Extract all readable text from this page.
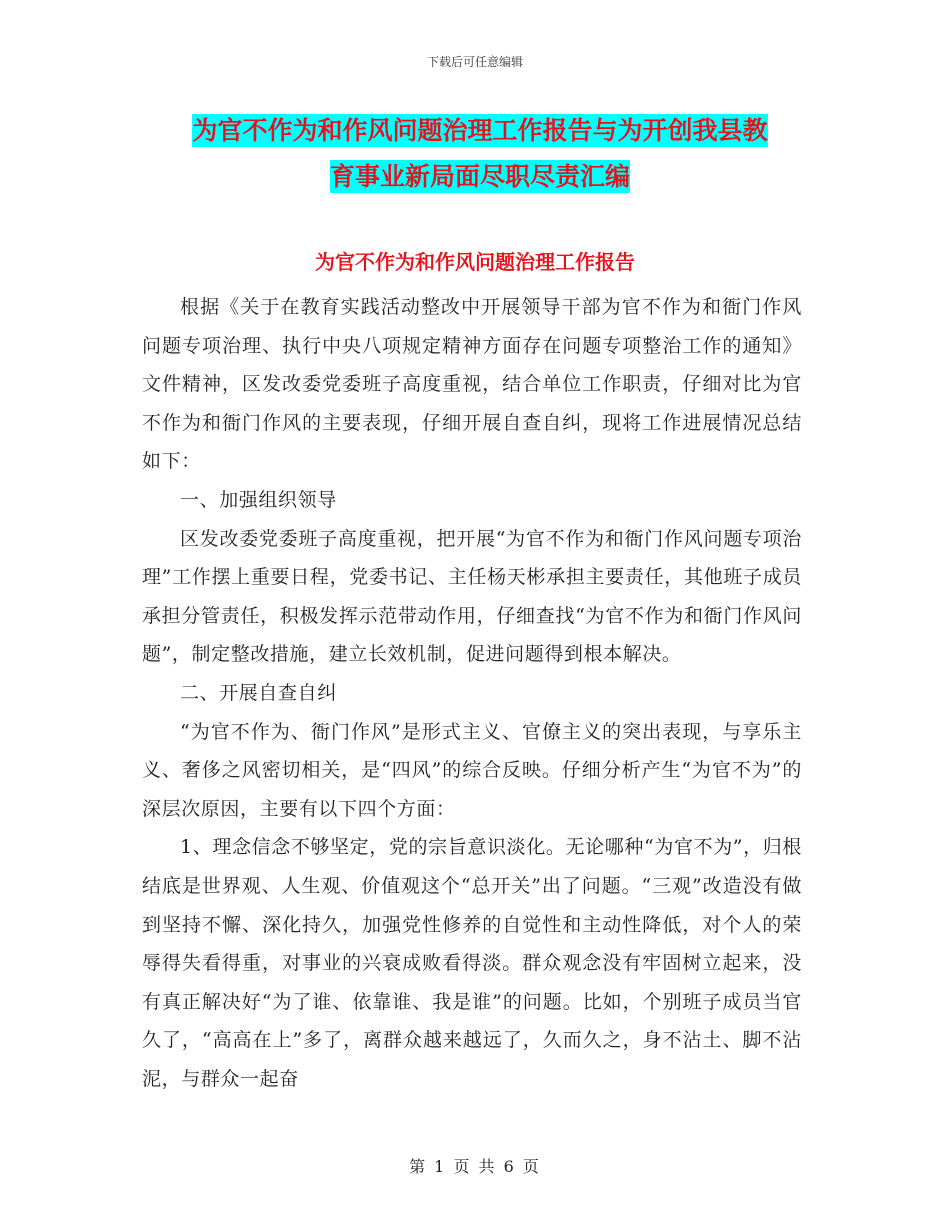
下载后可任意编辑
为官不作为和作风问题治理工作报告与为开创我县教
育事业新局面尽职尽责汇编
为官不作为和作风问题治理工作报告

根据《关于在教育实践活动整改中开展领导干部为官不作为和衙门作风问题专项治理、执行中央八项规定精神方面存在问题专项整治工作的通知》文件精神，区发改委党委班子高度重视，结合单位工作职责，仔细对比为官不作为和衙门作风的主要表现，仔细开展自查自纠，现将工作进展情况总结如下：

一、加强组织领导

区发改委党委班子高度重视，把开展“为官不作为和衙门作风问题专项治理”工作摆上重要日程，党委书记、主任杨天彬承担主要责任，其他班子成员承担分管责任，积极发挥示范带动作用，仔细查找“为官不作为和衙门作风问题”，制定整改措施，建立长效机制，促进问题得到根本解决。

二、开展自查自纠

“为官不作为、衙门作风”是形式主义、官僚主义的突出表现，与享乐主义、奢侈之风密切相关，是“四风”的综合反映。仔细分析产生“为官不为”的深层次原因，主要有以下四个方面：

1、理念信念不够坚定，党的宗旨意识淡化。无论哪种“为官不为”，归根结底是世界观、人生观、价值观这个“总开关”出了问题。“三观”改造没有做到坚持不懈、深化持久，加强党性修养的自觉性和主动性降低，对个人的荣辱得失看得重，对事业的兴衰成败看得淡。群众观念没有牢固树立起来，没有真正解决好“为了谁、依靠谁、我是谁”的问题。比如，个别班子成员当官久了，“高高在上”多了，离群众越来越远了，久而久之，身不沾土、脚不沾泥，与群众一起奋

第 1 页 共 6 页
